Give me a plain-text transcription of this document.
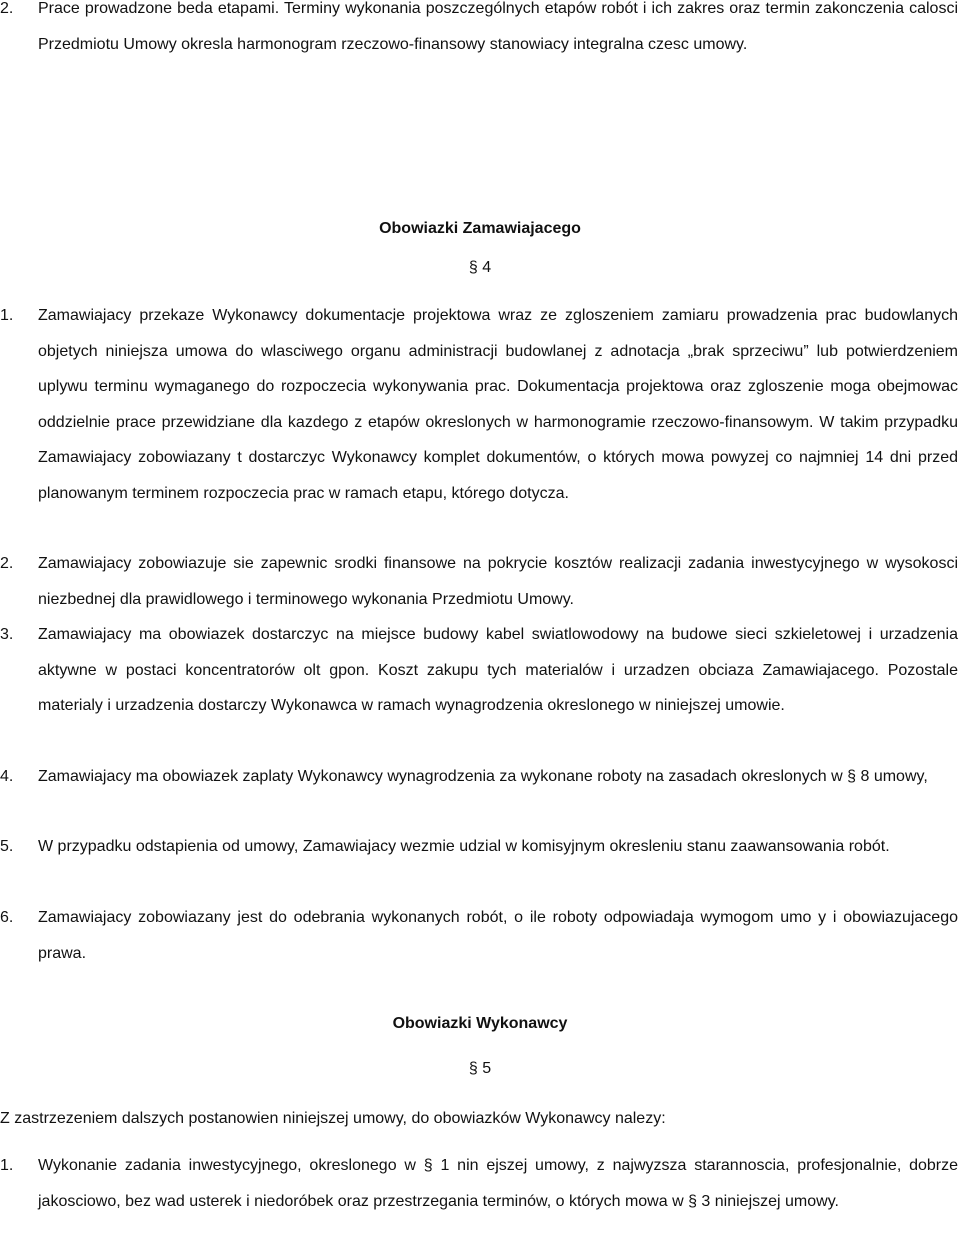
2. Prace prowadzone beda etapami. Terminy wykonania poszczególnych etapów robót i ich zakres oraz termin zakonczenia calosci Przedmiotu Umowy okresla harmonogram rzeczowo-finansowy stanowiacy integralna czesc umowy.
Obowiazki Zamawiajacego
§ 4
1. Zamawiajacy przekaze Wykonawcy dokumentacje projektowa wraz ze zgloszeniem zamiaru prowadzenia prac budowlanych objetych niniejsza umowa do wlasciwego organu administracji budowlanej z adnotacja „brak sprzeciwu” lub potwierdzeniem uplywu terminu wymaganego do rozpoczecia wykonywania prac. Dokumentacja projektowa oraz zgloszenie moga obejmowac oddzielnie prace przewidziane dla kazdego z etapów okreslonych w harmonogramie rzeczowo-finansowym. W takim przypadku Zamawiajacy zobowiazany t dostarczyc Wykonawcy komplet dokumentów, o których mowa powyzej co najmniej 14 dni przed planowanym terminem rozpoczecia prac w ramach etapu, którego dotycza.
2. Zamawiajacy zobowiazuje sie zapewnic srodki finansowe na pokrycie kosztów realizacji zadania inwestycyjnego w wysokosci niezbednej dla prawidlowego i terminowego wykonania Przedmiotu Umowy.
3. Zamawiajacy ma obowiazek dostarczyc na miejsce budowy kabel swiatlowodowy na budowe sieci szkieletowej i urzadzenia aktywne w postaci koncentratorów olt gpon. Koszt zakupu tych materialów i urzadzen obciaza Zamawiajacego. Pozostale materialy i urzadzenia dostarczy Wykonawca w ramach wynagrodzenia okreslonego w niniejszej umowie.
4. Zamawiajacy ma obowiazek zaplaty Wykonawcy wynagrodzenia za wykonane roboty na zasadach okreslonych w § 8 umowy,
5. W przypadku odstapienia od umowy, Zamawiajacy wezmie udzial w komisyjnym okresleniu stanu zaawansowania robót.
6. Zamawiajacy zobowiazany jest do odebrania wykonanych robót, o ile roboty odpowiadaja wymogom umo y i obowiazujacego prawa.
Obowiazki Wykonawcy
§ 5
Z zastrzezeniem dalszych postanowien niniejszej umowy, do obowiazków Wykonawcy nalezy:
1. Wykonanie zadania inwestycyjnego, okreslonego w § 1 nin ejszej umowy, z najwyzsza starannoscia, profesjonalnie, dobrze jakosciowo, bez wad usterek i niedoróbek oraz przestrzegania terminów, o których mowa w § 3 niniejszej umowy.
